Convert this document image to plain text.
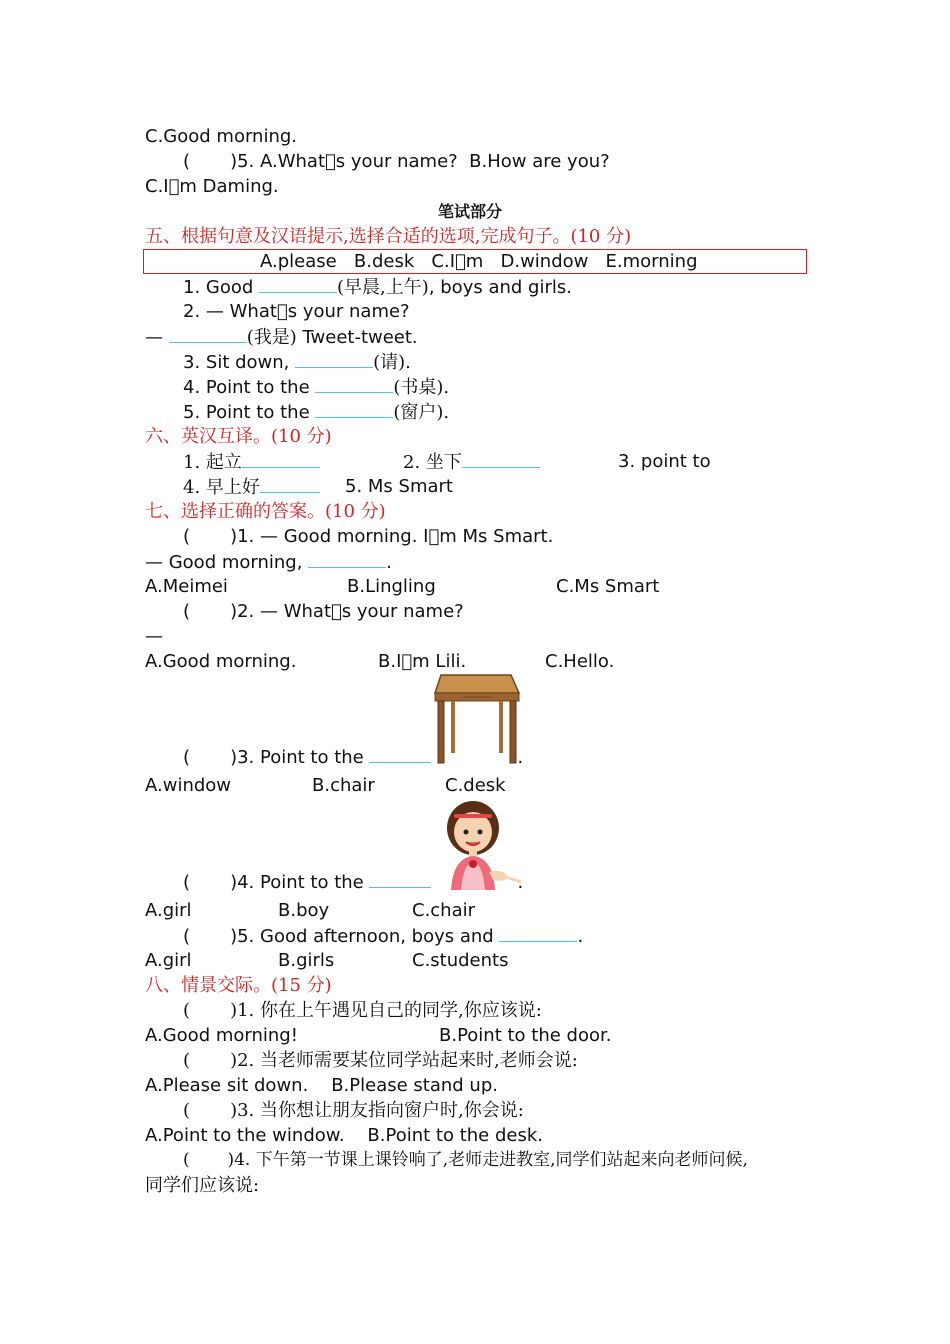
C.Good morning.
(       )5. A.What s your name?  B.How are you?
C.I m Daming.
笔试部分
五、根据句意及汉语提示,选择合适的选项,完成句子。(10 分)
A.please   B.desk   C.I m   D.window   E.morning
1. Good	(早晨,上午), boys and girls.
2. — What s your name?
—	(我是) Tweet-tweet.
3. Sit down,	(请).
4. Point to the	(书桌).
5. Point to the	(窗户).
六、英汉互译。(10 分)
1. 起立	2. 坐下	3. point to
4. 早上好	5. Ms Smart
七、选择正确的答案。(10 分)
(       )1. — Good morning. I m Ms Smart.
— Good morning,	.
A.Meimei	B.Lingling	C.Ms Smart
(       )2. — What s your name?
—
A.Good morning.	B.I m Lili.	C.Hello.
(       )3. Point to the	.
A.window	B.chair	C.desk
(       )4. Point to the	.
A.girl	B.boy	C.chair
(       )5. Good afternoon, boys and	.
A.girl	B.girls	C.students
八、情景交际。(15 分)
(       )1. 你在上午遇见自己的同学,你应该说:
A.Good morning!	B.Point to the door.
(       )2. 当老师需要某位同学站起来时,老师会说:
A.Please sit down.    B.Please stand up.
(       )3. 当你想让朋友指向窗户时,你会说:
A.Point to the window.    B.Point to the desk.
(       )4. 下午第一节课上课铃响了,老师走进教室,同学们站起来向老师问候,
同学们应该说:
